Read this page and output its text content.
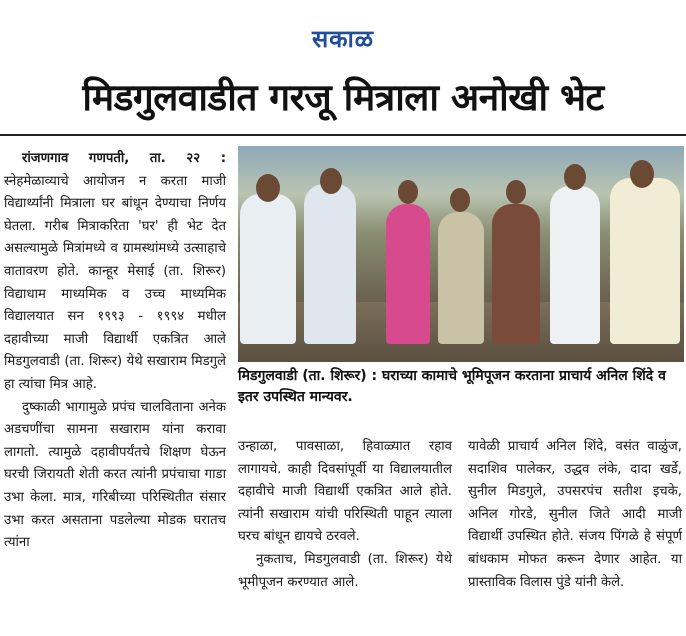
सकाळ
मिडगुलवाडीत गरजू मित्राला अनोखी भेट

रांजणगाव गणपती, ता. २२ : स्नेहमेळाव्याचे आयोजन न करता माजी विद्यार्थ्यांनी मित्राला घर बांधून देण्याचा निर्णय घेतला. गरीब मित्राकरिता 'घर' ही भेट देत असल्यामुळे मित्रांमध्ये व ग्रामस्थांमध्ये उत्साहाचे वातावरण होते. कान्हूर मेसाई (ता. शिरूर) विद्याधाम माध्यमिक व उच्च माध्यमिक विद्यालयात सन १९९३ - १९९४ मधील दहावीच्या माजी विद्यार्थी एकत्रित आले मिडगुलवाडी (ता. शिरूर) येथे सखाराम मिडगुले हा त्यांचा मित्र आहे.

दुष्काळी भागामुळे प्रपंच चालविताना अनेक अडचणींचा सामना सखाराम यांना करावा लागतो. त्यामुळे दहावीपर्यंतचे शिक्षण घेऊन घरची जिरायती शेती करत त्यांनी प्रपंचाचा गाडा उभा केला. मात्र, गरिबीच्या परिस्थितीत संसार उभा करत असताना पडलेल्या मोडक घरातच त्यांना

मिडगुलवाडी (ता. शिरूर) : घराच्या कामाचे भूमिपूजन करताना प्राचार्य अनिल शिंदे व इतर उपस्थित मान्यवर.

उन्हाळा, पावसाळा, हिवाळ्यात रहाव लागायचे. काही दिवसांपूर्वी या विद्यालयातील दहावीचे माजी विद्यार्थी एकत्रित आले होते. त्यांनी सखाराम यांची परिस्थिती पाहून त्याला घरच बांधून द्यायचे ठरवले.

नुकताच, मिडगुलवाडी (ता. शिरूर) येथे भूमीपूजन करण्यात आले.

यावेळी प्राचार्य अनिल शिंदे, वसंत वाळुंज, सदाशिव पालेकर, उद्धव लंके, दादा खर्डे, सुनील मिडगुले, उपसरपंच सतीश इचके, अनिल गोरडे, सुनील जिते आदी माजी विद्यार्थी उपस्थित होते. संजय पिंगळे हे संपूर्ण बांधकाम मोफत करून देणार आहेत. या प्रास्ताविक विलास पुंडे यांनी केले.
